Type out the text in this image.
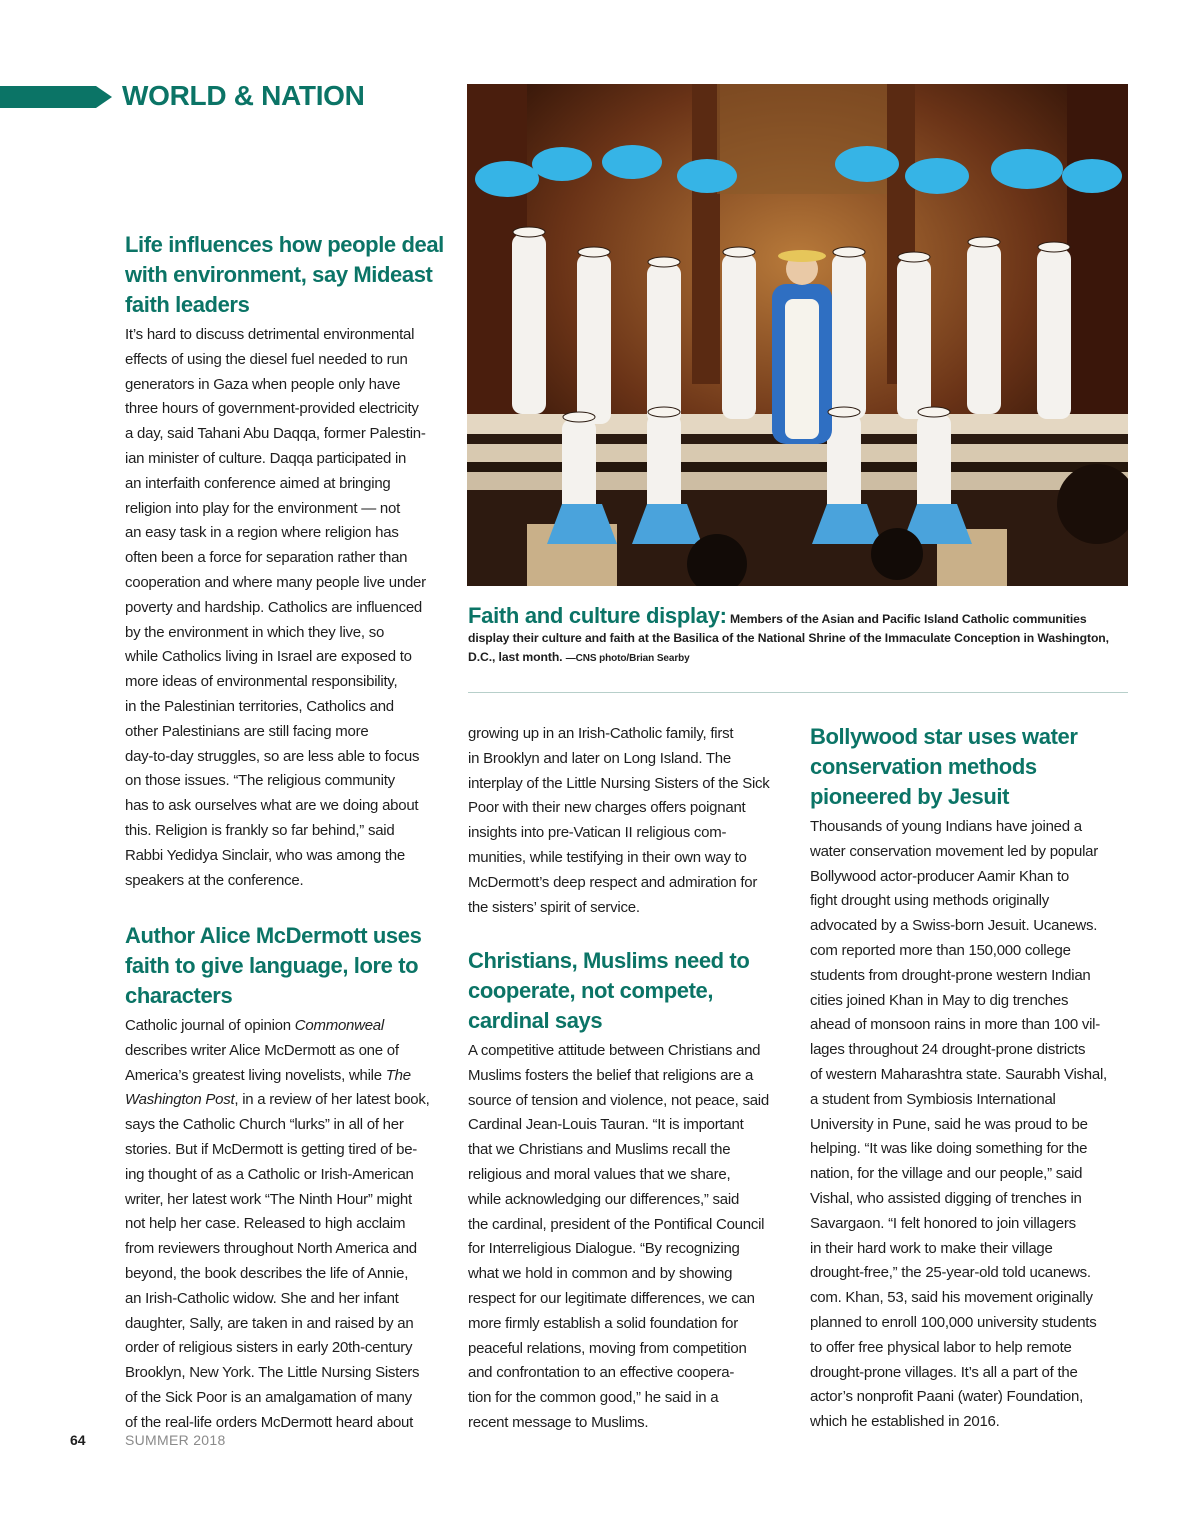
WORLD & NATION

Faith and culture display: Members of the Asian and Pacific Island Catholic communities display their culture and faith at the Basilica of the National Shrine of the Immaculate Conception in Washington, D.C., last month. —CNS photo/Brian Searby

Life influences how people deal with environment, say Mideast faith leaders
It’s hard to discuss detrimental environmental
effects of using the diesel fuel needed to run
generators in Gaza when people only have
three hours of government-provided electricity
a day, said Tahani Abu Daqqa, former Palestin-
ian minister of culture. Daqqa participated in
an interfaith conference aimed at bringing
religion into play for the environment — not
an easy task in a region where religion has
often been a force for separation rather than
cooperation and where many people live under
poverty and hardship. Catholics are influenced
by the environment in which they live, so
while Catholics living in Israel are exposed to
more ideas of environmental responsibility,
in the Palestinian territories, Catholics and
other Palestinians are still facing more
day-to-day struggles, so are less able to focus
on those issues. “The religious community
has to ask ourselves what are we doing about
this. Religion is frankly so far behind,” said
Rabbi Yedidya Sinclair, who was among the
speakers at the conference.
Author Alice McDermott uses faith to give language, lore to characters
Catholic journal of opinion Commonweal
describes writer Alice McDermott as one of
America’s greatest living novelists, while The
Washington Post, in a review of her latest book,
says the Catholic Church “lurks” in all of her
stories. But if McDermott is getting tired of be-
ing thought of as a Catholic or Irish-American
writer, her latest work “The Ninth Hour” might
not help her case. Released to high acclaim
from reviewers throughout North America and
beyond, the book describes the life of Annie,
an Irish-Catholic widow. She and her infant
daughter, Sally, are taken in and raised by an
order of religious sisters in early 20th-century
Brooklyn, New York. The Little Nursing Sisters
of the Sick Poor is an amalgamation of many
of the real-life orders McDermott heard about
growing up in an Irish-Catholic family, first
in Brooklyn and later on Long Island. The
interplay of the Little Nursing Sisters of the Sick
Poor with their new charges offers poignant
insights into pre-Vatican II religious com-
munities, while testifying in their own way to
McDermott’s deep respect and admiration for
the sisters’ spirit of service.
Christians, Muslims need to cooperate, not compete, cardinal says
A competitive attitude between Christians and
Muslims fosters the belief that religions are a
source of tension and violence, not peace, said
Cardinal Jean-Louis Tauran. “It is important
that we Christians and Muslims recall the
religious and moral values that we share,
while acknowledging our differences,” said
the cardinal, president of the Pontifical Council
for Interreligious Dialogue. “By recognizing
what we hold in common and by showing
respect for our legitimate differences, we can
more firmly establish a solid foundation for
peaceful relations, moving from competition
and confrontation to an effective coopera-
tion for the common good,” he said in a
recent message to Muslims.
Bollywood star uses water conservation methods pioneered by Jesuit
Thousands of young Indians have joined a
water conservation movement led by popular
Bollywood actor-producer Aamir Khan to
fight drought using methods originally
advocated by a Swiss-born Jesuit. Ucanews.
com reported more than 150,000 college
students from drought-prone western Indian
cities joined Khan in May to dig trenches
ahead of monsoon rains in more than 100 vil-
lages throughout 24 drought-prone districts
of western Maharashtra state. Saurabh Vishal,
a student from Symbiosis International
University in Pune, said he was proud to be
helping. “It was like doing something for the
nation, for the village and our people,” said
Vishal, who assisted digging of trenches in
Savargaon. “I felt honored to join villagers
in their hard work to make their village
drought-free,” the 25-year-old told ucanews.
com. Khan, 53, said his movement originally
planned to enroll 100,000 university students
to offer free physical labor to help remote
drought-prone villages. It’s all a part of the
actor’s nonprofit Paani (water) Foundation,
which he established in 2016.

64	SUMMER 2018
